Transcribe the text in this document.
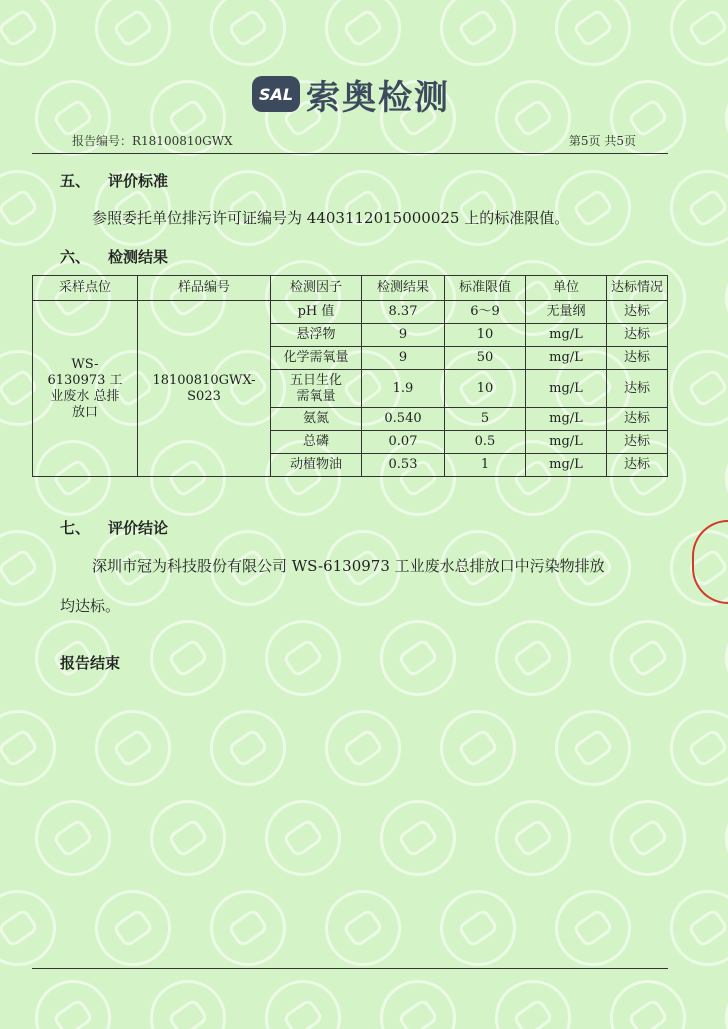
SAL 索奥检测
报告编号：R18100810GWX	第5页 共5页
五、 评价标准
参照委托单位排污许可证编号为 4403112015000025 上的标准限值。
六、 检测结果
采样点位	样品编号	检测因子	检测结果	标准限值	单位	达标情况
WS-6130973 工业废水 总排放口	18100810GWX-S023	pH 值	8.37	6～9	无量纲	达标
		悬浮物	9	10	mg/L	达标
		化学需氧量	9	50	mg/L	达标
		五日生化需氧量	1.9	10	mg/L	达标
		氨氮	0.540	5	mg/L	达标
		总磷	0.07	0.5	mg/L	达标
		动植物油	0.53	1	mg/L	达标
七、 评价结论
深圳市冠为科技股份有限公司 WS-6130973 工业废水总排放口中污染物排放
均达标。
报告结束
